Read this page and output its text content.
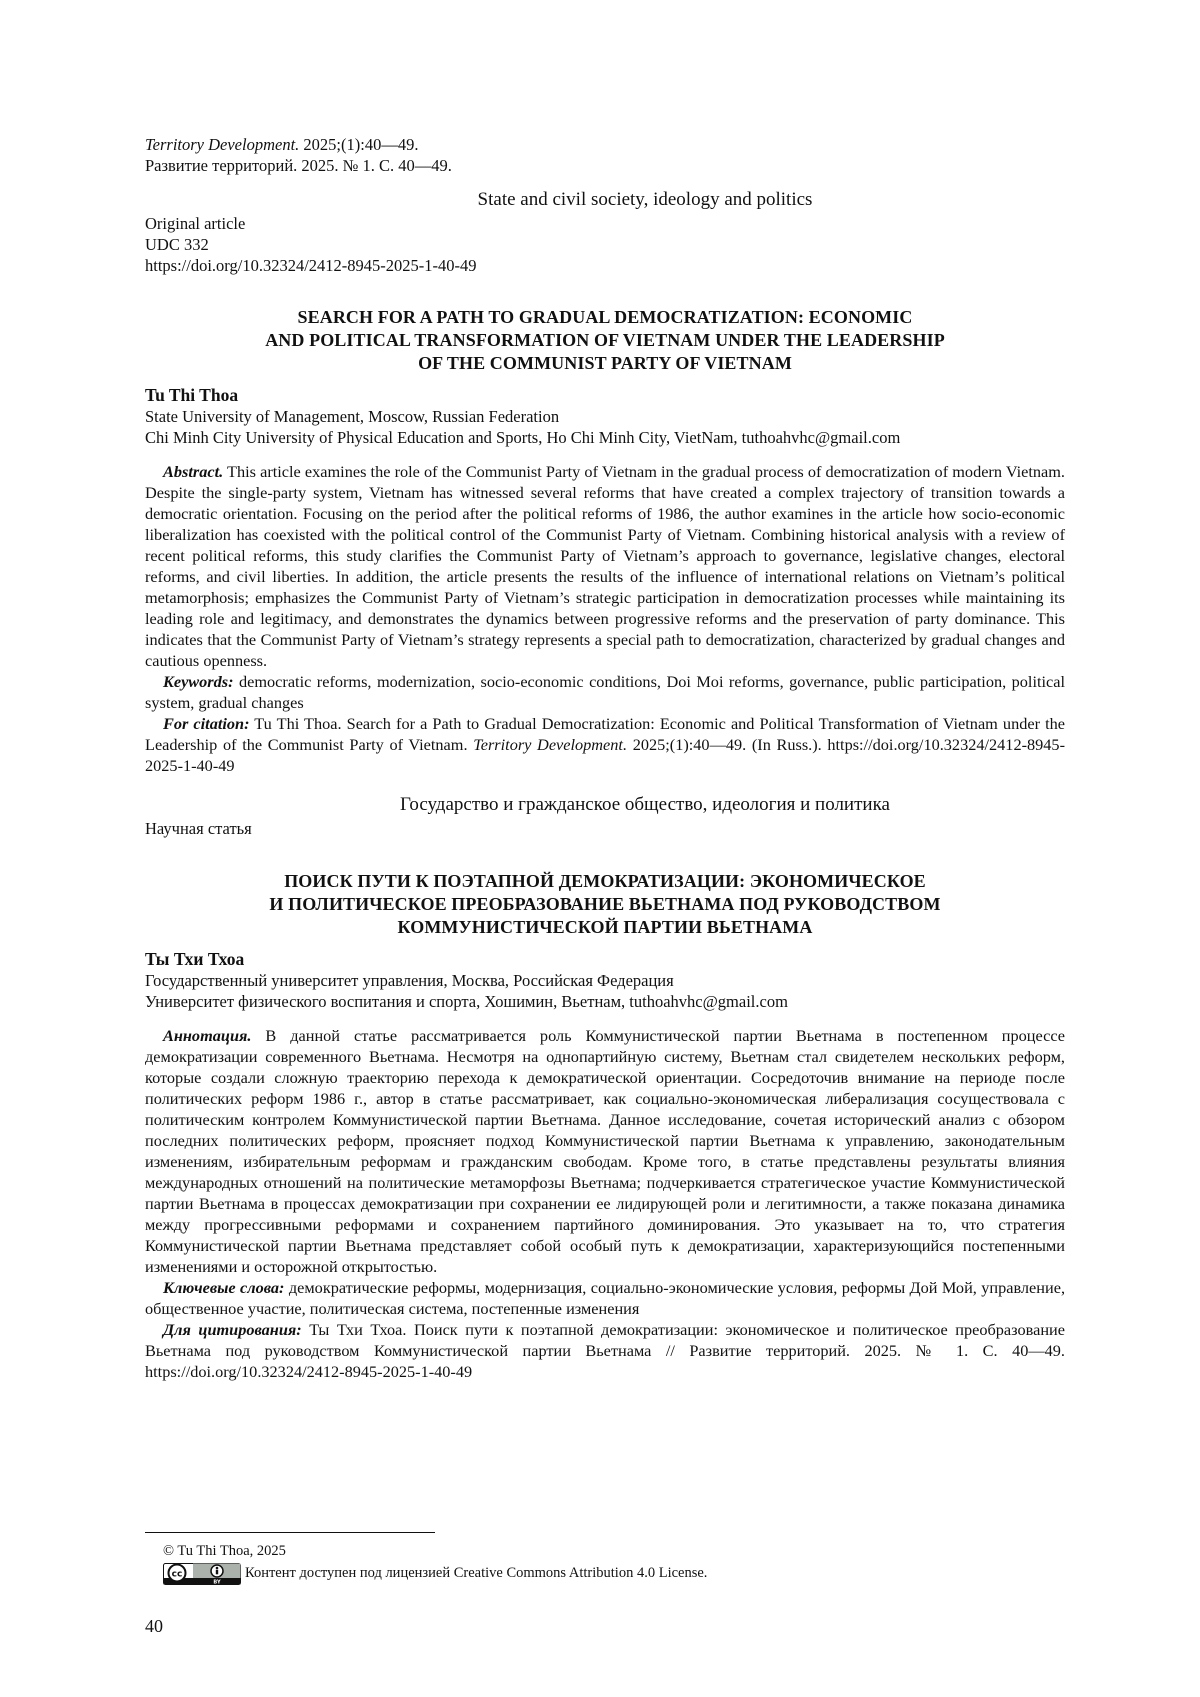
Territory Development. 2025;(1):40—49.
Развитие территорий. 2025. № 1. С. 40—49.
State and civil society, ideology and politics
Original article
UDC 332
https://doi.org/10.32324/2412-8945-2025-1-40-49
SEARCH FOR A PATH TO GRADUAL DEMOCRATIZATION: ECONOMIC
AND POLITICAL TRANSFORMATION OF VIETNAM UNDER THE LEADERSHIP
OF THE COMMUNIST PARTY OF VIETNAM
Tu Thi Thoa
State University of Management, Moscow, Russian Federation
Chi Minh City University of Physical Education and Sports, Ho Chi Minh City, VietNam, tuthoahvhc@gmail.com

Abstract. This article examines the role of the Communist Party of Vietnam in the gradual process of democratization of modern Vietnam. Despite the single-party system, Vietnam has witnessed several reforms that have created a complex trajectory of transition towards a democratic orientation. Focusing on the period after the political reforms of 1986, the author examines in the article how socio-economic liberalization has coexisted with the political control of the Communist Party of Vietnam. Combining historical analysis with a review of recent political reforms, this study clarifies the Communist Party of Vietnam’s approach to governance, legislative changes, electoral reforms, and civil liberties. In addition, the article presents the results of the influence of international relations on Vietnam’s political metamorphosis; emphasizes the Communist Party of Vietnam’s strategic participation in democratization processes while maintaining its leading role and legitimacy, and demonstrates the dynamics between progressive reforms and the preservation of party dominance. This indicates that the Communist Party of Vietnam’s strategy represents a special path to democratization, characterized by gradual changes and cautious openness.

Keywords: democratic reforms, modernization, socio-economic conditions, Doi Moi reforms, governance, public participation, political system, gradual changes

For citation: Tu Thi Thoa. Search for a Path to Gradual Democratization: Economic and Political Transformation of Vietnam under the Leadership of the Communist Party of Vietnam. Territory Development. 2025;(1):40—49. (In Russ.). https://doi.org/10.32324/2412-8945-2025-1-40-49

Государство и гражданское общество, идеология и политика
Научная статья
ПОИСК ПУТИ К ПОЭТАПНОЙ ДЕМОКРАТИЗАЦИИ: ЭКОНОМИЧЕСКОЕ
И ПОЛИТИЧЕСКОЕ ПРЕОБРАЗОВАНИЕ ВЬЕТНАМА ПОД РУКОВОДСТВОМ
КОММУНИСТИЧЕСКОЙ ПАРТИИ ВЬЕТНАМА
Ты Тхи Тхоа
Государственный университет управления, Москва, Российская Федерация
Университет физического воспитания и спорта, Хошимин, Вьетнам, tuthoahvhc@gmail.com

Аннотация. В данной статье рассматривается роль Коммунистической партии Вьетнама в постепенном процессе демократизации современного Вьетнама. Несмотря на однопартийную систему, Вьетнам стал свидетелем нескольких реформ, которые создали сложную траекторию перехода к демократической ориентации. Сосредоточив внимание на периоде после политических реформ 1986 г., автор в статье рассматривает, как социально-экономическая либерализация сосуществовала с политическим контролем Коммунистической партии Вьетнама. Данное исследование, сочетая исторический анализ с обзором последних политических реформ, проясняет подход Коммунистической партии Вьетнама к управлению, законодательным изменениям, избирательным реформам и гражданским свободам. Кроме того, в статье представлены результаты влияния международных отношений на политические метаморфозы Вьетнама; подчеркивается стратегическое участие Коммунистической партии Вьетнама в процессах демократизации при сохранении ее лидирующей роли и легитимности, а также показана динамика между прогрессивными реформами и сохранением партийного доминирования. Это указывает на то, что стратегия Коммунистической партии Вьетнама представляет собой особый путь к демократизации, характеризующийся постепенными изменениями и осторожной открытостью.

Ключевые слова: демократические реформы, модернизация, социально-экономические условия, реформы Дой Мой, управление, общественное участие, политическая система, постепенные изменения

Для цитирования: Ты Тхи Тхоа. Поиск пути к поэтапной демократизации: экономическое и политическое преобразование Вьетнама под руководством Коммунистической партии Вьетнама // Развитие территорий. 2025. № 1. С. 40—49. https://doi.org/10.32324/2412-8945-2025-1-40-49

© Tu Thi Thoa, 2025
cc
BY
Контент доступен под лицензией Creative Commons Attribution 4.0 License.
40
